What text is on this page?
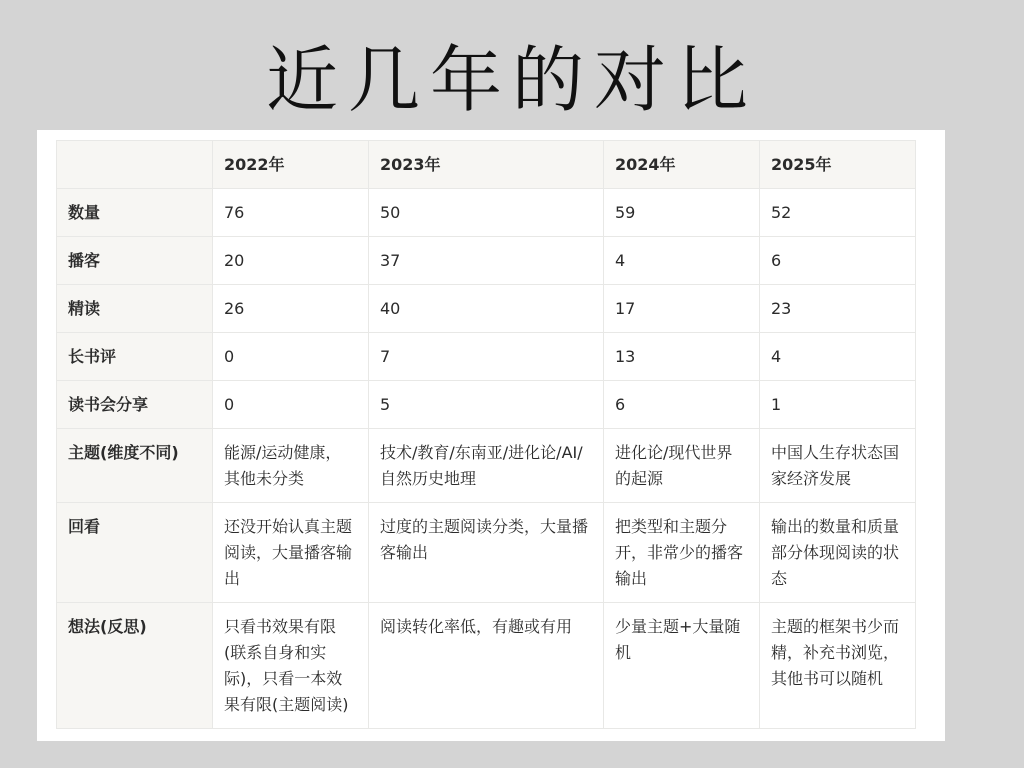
近几年的对比
	2022年	2023年	2024年	2025年
数量	76	50	59	52
播客	20	37	4	6
精读	26	40	17	23
长书评	0	7	13	4
读书会分享	0	5	6	1
主题(维度不同)	能源/运动健康，其他未分类	技术/教育/东南亚/进化论/AI/自然历史地理	进化论/现代世界的起源	中国人生存状态国家经济发展
回看	还没开始认真主题阅读，大量播客输出	过度的主题阅读分类，大量播客输出	把类型和主题分开，非常少的播客输出	输出的数量和质量部分体现阅读的状态
想法(反思)	只看书效果有限(联系自身和实际)，只看一本效果有限(主题阅读)	阅读转化率低，有趣或有用	少量主题+大量随机	主题的框架书少而精，补充书浏览，其他书可以随机
